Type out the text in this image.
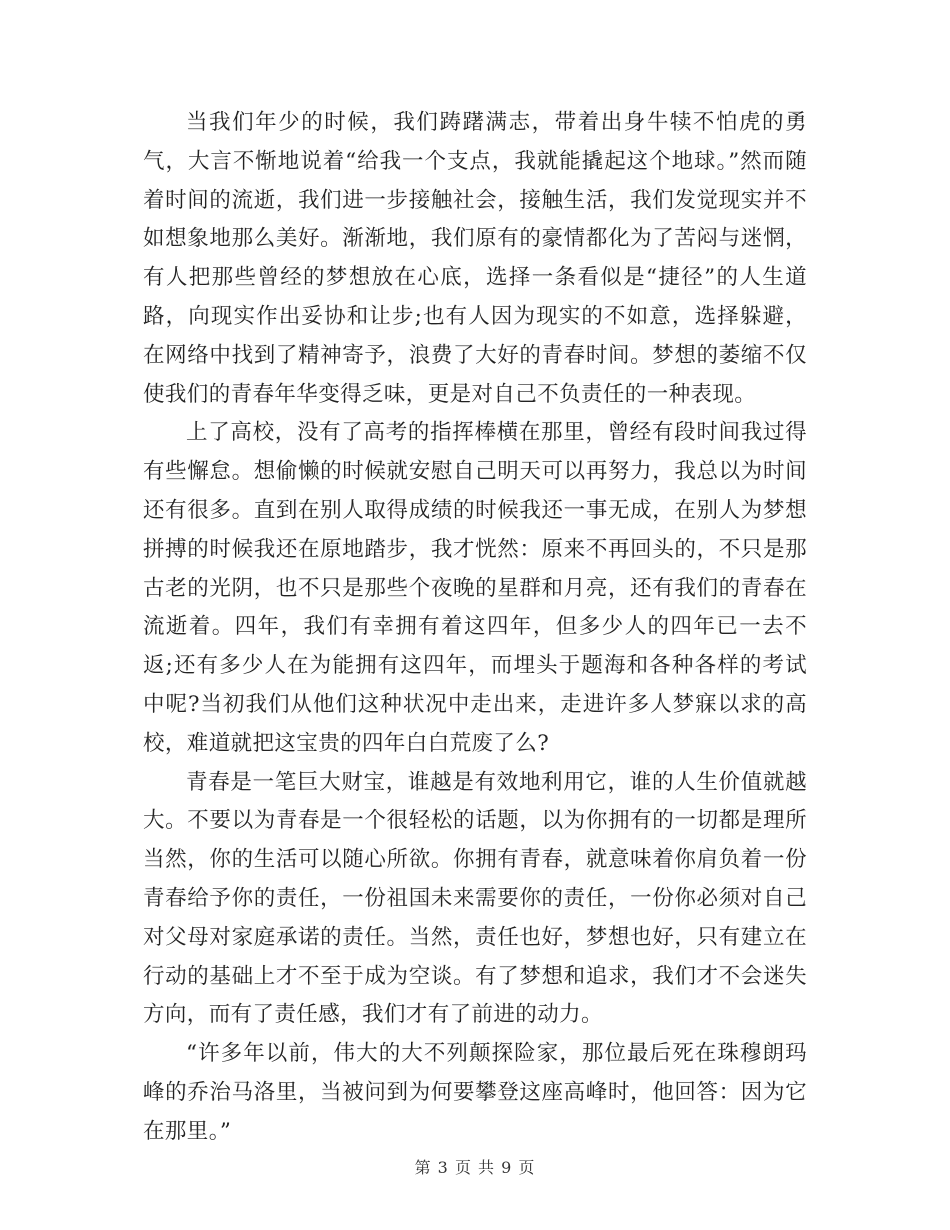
当我们年少的时候，我们踌躇满志，带着出身牛犊不怕虎的勇气，大言不惭地说着“给我一个支点，我就能撬起这个地球。”然而随着时间的流逝，我们进一步接触社会，接触生活，我们发觉现实并不如想象地那么美好。渐渐地，我们原有的豪情都化为了苦闷与迷惘，有人把那些曾经的梦想放在心底，选择一条看似是“捷径”的人生道路，向现实作出妥协和让步;也有人因为现实的不如意，选择躲避，在网络中找到了精神寄予，浪费了大好的青春时间。梦想的萎缩不仅使我们的青春年华变得乏味，更是对自己不负责任的一种表现。

上了高校，没有了高考的指挥棒横在那里，曾经有段时间我过得有些懈怠。想偷懒的时候就安慰自己明天可以再努力，我总以为时间还有很多。直到在别人取得成绩的时候我还一事无成，在别人为梦想拼搏的时候我还在原地踏步，我才恍然：原来不再回头的，不只是那古老的光阴，也不只是那些个夜晚的星群和月亮，还有我们的青春在流逝着。四年，我们有幸拥有着这四年，但多少人的四年已一去不返;还有多少人在为能拥有这四年，而埋头于题海和各种各样的考试中呢?当初我们从他们这种状况中走出来，走进许多人梦寐以求的高校，难道就把这宝贵的四年白白荒废了么?

青春是一笔巨大财宝，谁越是有效地利用它，谁的人生价值就越大。不要以为青春是一个很轻松的话题，以为你拥有的一切都是理所当然，你的生活可以随心所欲。你拥有青春，就意味着你肩负着一份青春给予你的责任，一份祖国未来需要你的责任，一份你必须对自己对父母对家庭承诺的责任。当然，责任也好，梦想也好，只有建立在行动的基础上才不至于成为空谈。有了梦想和追求，我们才不会迷失方向，而有了责任感，我们才有了前进的动力。

“许多年以前，伟大的大不列颠探险家，那位最后死在珠穆朗玛峰的乔治马洛里，当被问到为何要攀登这座高峰时，他回答：因为它在那里。”

第 3 页 共 9 页
